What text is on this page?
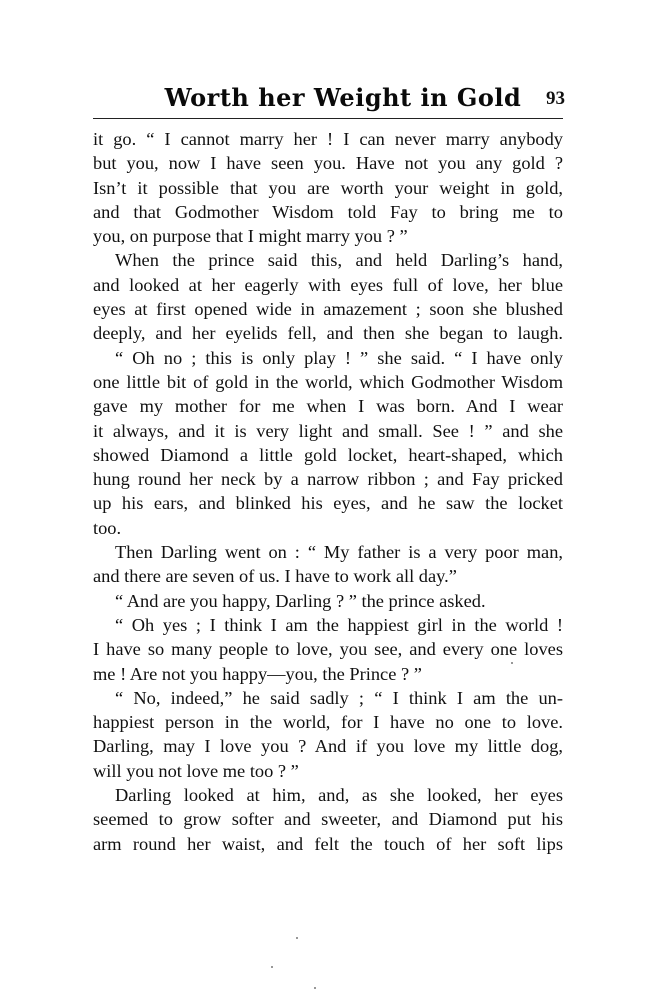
Worth her Weight in Gold	93
it go. “ I cannot marry her ! I can never marry anybody
but you, now I have seen you. Have not you any gold ?
Isn’t it possible that you are worth your weight in gold,
and that Godmother Wisdom told Fay to bring me to
you, on purpose that I might marry you ? ”
When the prince said this, and held Darling’s hand,
and looked at her eagerly with eyes full of love, her blue
eyes at first opened wide in amazement ; soon she blushed
deeply, and her eyelids fell, and then she began to laugh.
“ Oh no ; this is only play ! ” she said. “ I have only
one little bit of gold in the world, which Godmother Wisdom
gave my mother for me when I was born. And I wear
it always, and it is very light and small. See ! ” and she
showed Diamond a little gold locket, heart-shaped, which
hung round her neck by a narrow ribbon ; and Fay pricked
up his ears, and blinked his eyes, and he saw the locket
too.
Then Darling went on : “ My father is a very poor man,
and there are seven of us. I have to work all day.”
“ And are you happy, Darling ? ” the prince asked.
“ Oh yes ; I think I am the happiest girl in the world !
I have so many people to love, you see, and every one loves
me ! Are not you happy—you, the Prince ? ”
“ No, indeed,” he said sadly ; “ I think I am the un-
happiest person in the world, for I have no one to love.
Darling, may I love you ? And if you love my little dog,
will you not love me too ? ”
Darling looked at him, and, as she looked, her eyes
seemed to grow softer and sweeter, and Diamond put his
arm round her waist, and felt the touch of her soft lips
